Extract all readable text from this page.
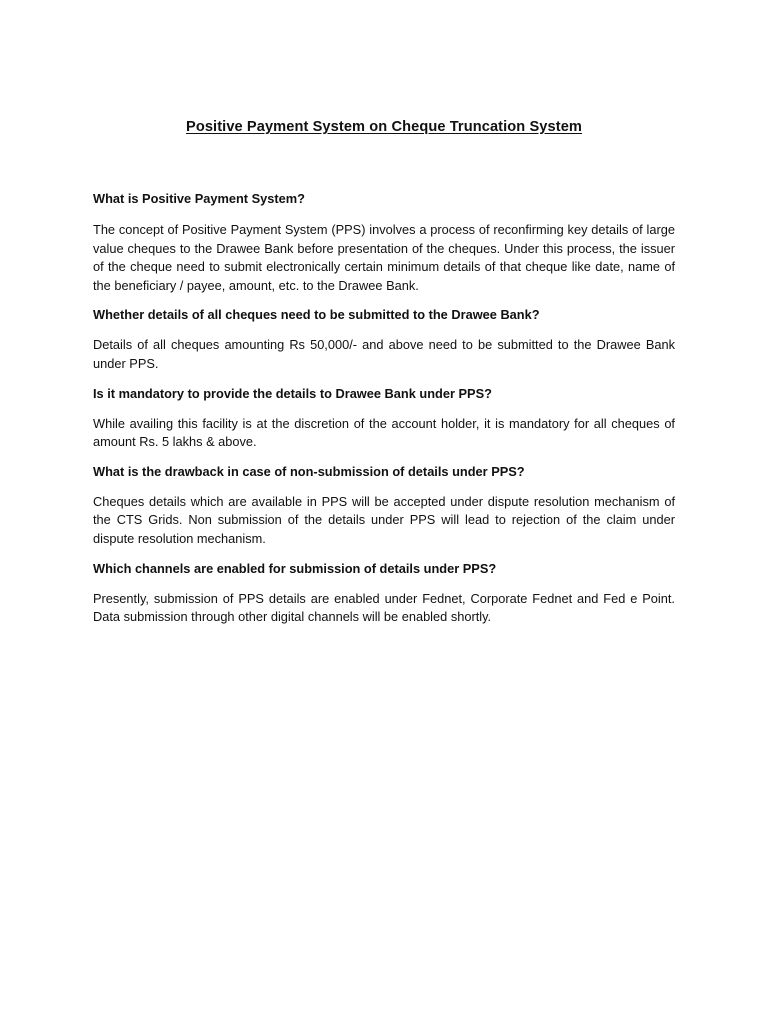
Positive Payment System on Cheque Truncation System
What is Positive Payment System?
The concept of Positive Payment System (PPS) involves a process of reconfirming key details of large value cheques to the Drawee Bank before presentation of the cheques. Under this process, the issuer of the cheque need to submit electronically certain minimum details of that cheque like date, name of the beneficiary / payee, amount, etc. to the Drawee Bank.
Whether details of all cheques need to be submitted to the Drawee Bank?
Details of all cheques amounting Rs 50,000/- and above need to be submitted to the Drawee Bank under PPS.
Is it mandatory to provide the details to Drawee Bank under PPS?
While availing this facility is at the discretion of the account holder, it is mandatory for all cheques of amount Rs. 5 lakhs & above.
What is the drawback in case of non-submission of details under PPS?
Cheques details which are available in PPS will be accepted under dispute resolution mechanism of the CTS Grids. Non submission of the details under PPS will lead to rejection of the claim under dispute resolution mechanism.
Which channels are enabled for submission of details under PPS?
Presently, submission of PPS details are enabled under Fednet, Corporate Fednet and Fed e Point. Data submission through other digital channels will be enabled shortly.
